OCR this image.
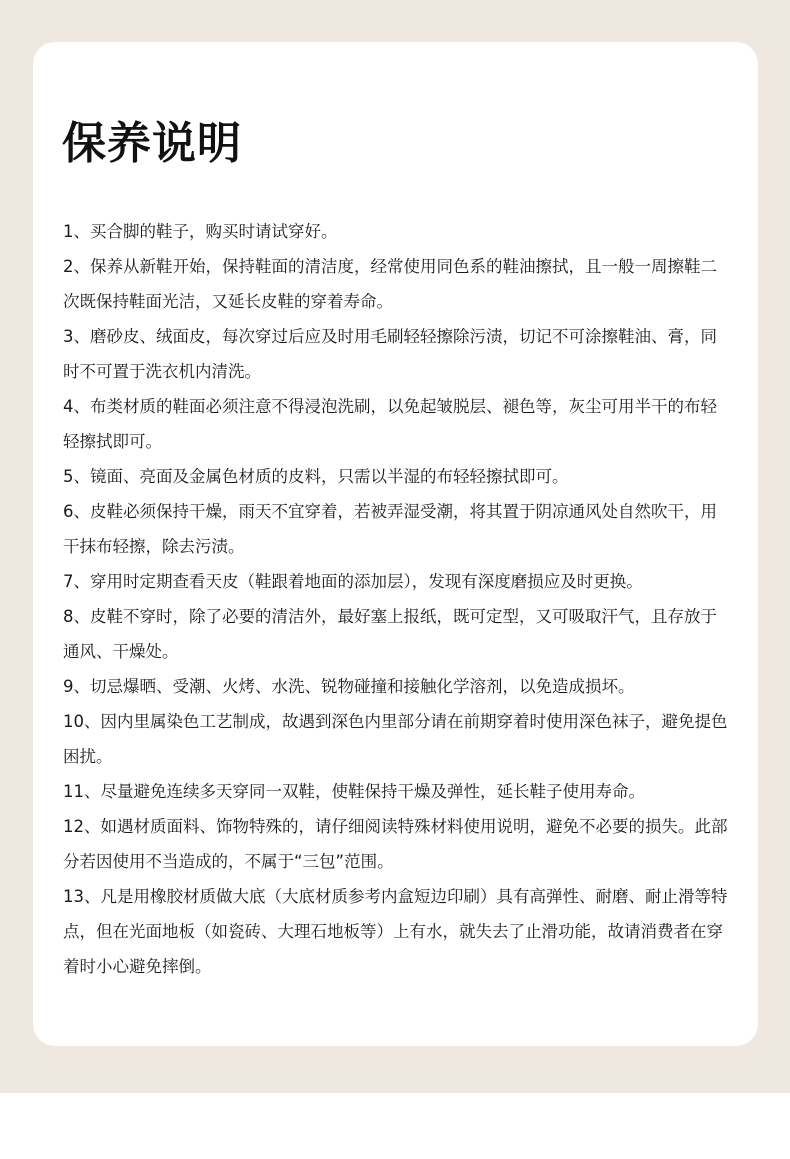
保养说明
1、买合脚的鞋子，购买时请试穿好。
2、保养从新鞋开始，保持鞋面的清洁度，经常使用同色系的鞋油擦拭，且一般一周擦鞋二次既保持鞋面光洁，又延长皮鞋的穿着寿命。
3、磨砂皮、绒面皮，每次穿过后应及时用毛刷轻轻擦除污渍，切记不可涂擦鞋油、膏，同时不可置于洗衣机内清洗。
4、布类材质的鞋面必须注意不得浸泡洗刷，以免起皱脱层、褪色等，灰尘可用半干的布轻轻擦拭即可。
5、镜面、亮面及金属色材质的皮料，只需以半湿的布轻轻擦拭即可。
6、皮鞋必须保持干燥，雨天不宜穿着，若被弄湿受潮，将其置于阴凉通风处自然吹干，用干抹布轻擦，除去污渍。
7、穿用时定期查看天皮（鞋跟着地面的添加层），发现有深度磨损应及时更换。
8、皮鞋不穿时，除了必要的清洁外，最好塞上报纸，既可定型，又可吸取汗气，且存放于通风、干燥处。
9、切忌爆晒、受潮、火烤、水洗、锐物碰撞和接触化学溶剂，以免造成损坏。
10、因内里属染色工艺制成，故遇到深色内里部分请在前期穿着时使用深色袜子，避免提色困扰。
11、尽量避免连续多天穿同一双鞋，使鞋保持干燥及弹性，延长鞋子使用寿命。
12、如遇材质面料、饰物特殊的，请仔细阅读特殊材料使用说明，避免不必要的损失。此部分若因使用不当造成的，不属于“三包”范围。
13、凡是用橡胶材质做大底（大底材质参考内盒短边印刷）具有高弹性、耐磨、耐止滑等特点，但在光面地板（如瓷砖、大理石地板等）上有水，就失去了止滑功能，故请消费者在穿着时小心避免摔倒。
